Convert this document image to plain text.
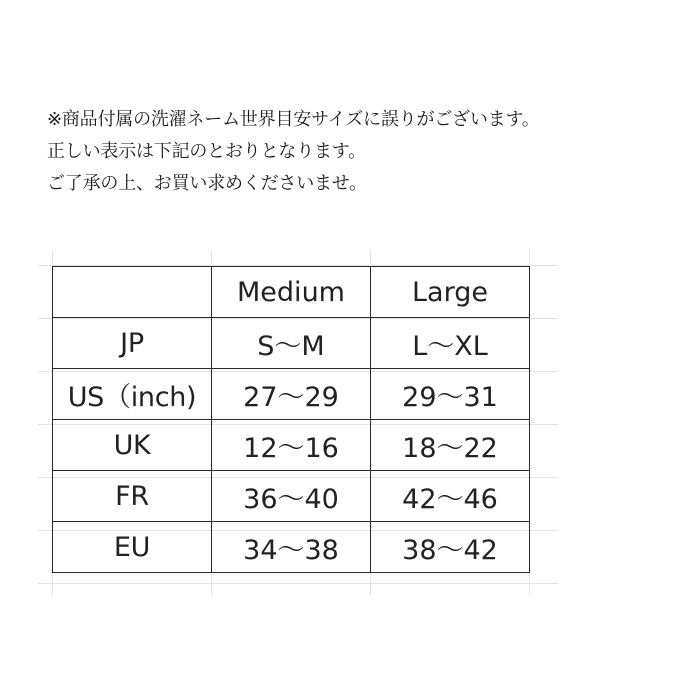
※商品付属の洗濯ネーム世界目安サイズに誤りがございます。
正しい表示は下記のとおりとなります。
ご了承の上、お買い求めくださいませ。
	Medium	Large
JP	S～M	L～XL
US（inch)	27～29	29～31
UK	12～16	18～22
FR	36～40	42～46
EU	34～38	38～42
